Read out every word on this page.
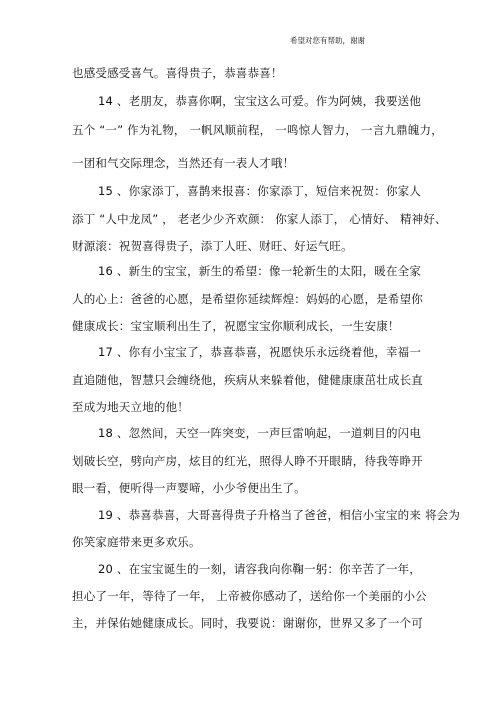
希望对您有帮助，谢谢
也感受感受喜气。喜得贵子，恭喜恭喜！
14 、老朋友，恭喜你啊，宝宝这么可爱。作为阿姨，我要送他
五个 “一” 作为礼物， 一帆风顺前程， 一鸣惊人智力， 一言九鼎魄力，
一团和气交际理念，当然还有一表人才哦！
15 、你家添丁，喜鹊来报喜：你家添丁，短信来祝贺：你家人
添丁 “人中龙凤” ， 老老少少齐欢颜： 你家人添丁， 心情好、 精神好、
财源滚：祝贺喜得贵子，添丁人旺、财旺、好运气旺。
16 、新生的宝宝，新生的希望：像一轮新生的太阳，暖在全家
人的心上：爸爸的心愿，是希望你延续辉煌：妈妈的心愿，是希望你
健康成长：宝宝顺利出生了，祝愿宝宝你顺利成长，一生安康！
17 、你有小宝宝了，恭喜恭喜，祝愿快乐永远绕着他，幸福一
直追随他，智慧只会缠绕他，疾病从来躲着他，健健康康茁壮成长直
至成为地天立地的他！
18 、忽然间，天空一阵突变，一声巨雷响起，一道刺目的闪电
划破长空，劈向产房，炫目的红光，照得人睁不开眼睛，待我等睁开
眼一看，便听得一声婴啼，小少爷便出生了。
19 、恭喜恭喜，大哥喜得贵子升格当了爸爸，相信小宝宝的来 将会为
你笑家庭带来更多欢乐。
20 、在宝宝诞生的一刻，请容我向你鞠一躬：你辛苦了一年，
担心了一年，等待了一年， 上帝被你感动了，送给你一个美丽的小公
主，并保佑她健康成长。同时，我要说：谢谢你，世界又多了一个可
